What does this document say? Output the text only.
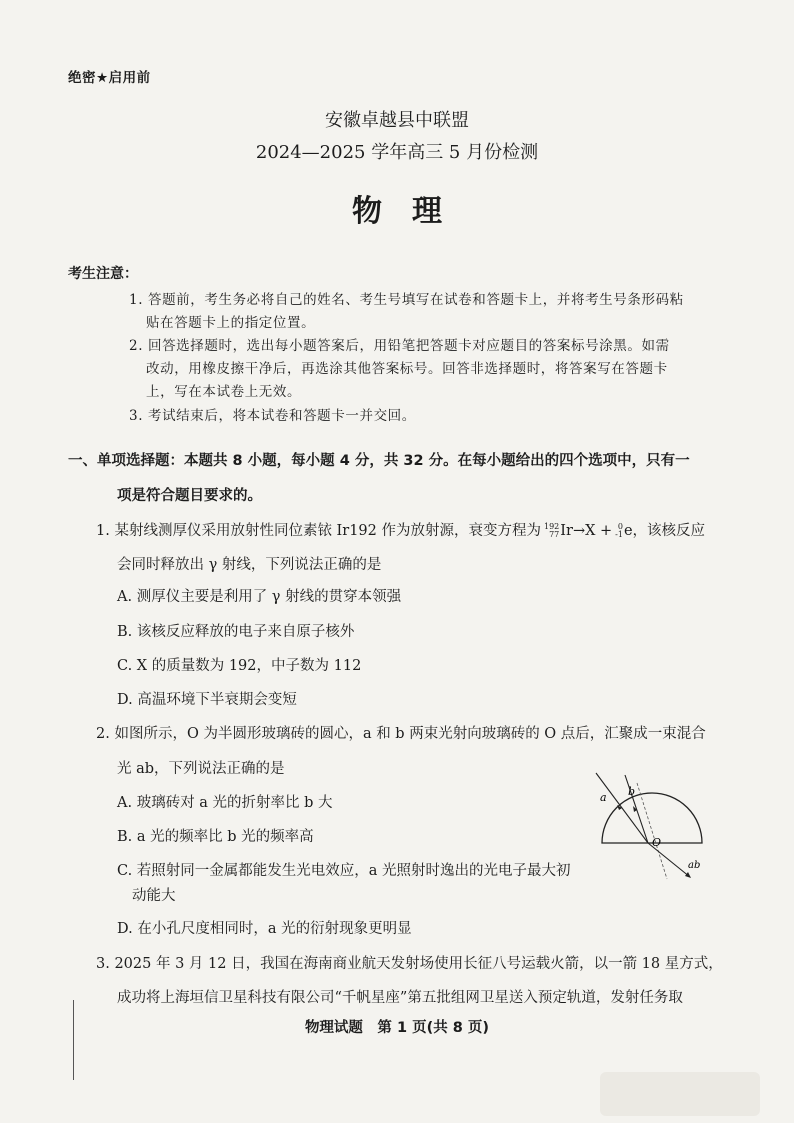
绝密★启用前
安徽卓越县中联盟
2024—2025 学年高三 5 月份检测
物　理
考生注意：
1. 答题前，考生务必将自己的姓名、考生号填写在试卷和答题卡上，并将考生号条形码粘
贴在答题卡上的指定位置。
2. 回答选择题时，选出每小题答案后，用铅笔把答题卡对应题目的答案标号涂黑。如需
改动，用橡皮擦干净后，再选涂其他答案标号。回答非选择题时，将答案写在答题卡
上，写在本试卷上无效。
3. 考试结束后，将本试卷和答题卡一并交回。
一、单项选择题：本题共 8 小题，每小题 4 分，共 32 分。在每小题给出的四个选项中，只有一
项是符合题目要求的。
1. 某射线测厚仪采用放射性同位素铱 Ir192 作为放射源，衰变方程为 192
77 Ir→X + 0
-1 e，该核反应
会同时释放出 γ 射线，下列说法正确的是
A. 测厚仪主要是利用了 γ 射线的贯穿本领强
B. 该核反应释放的电子来自原子核外
C. X 的质量数为 192，中子数为 112
D. 高温环境下半衰期会变短
2. 如图所示，O 为半圆形玻璃砖的圆心，a 和 b 两束光射向玻璃砖的 O 点后，汇聚成一束混合
光 ab，下列说法正确的是
A. 玻璃砖对 a 光的折射率比 b 大
B. a 光的频率比 b 光的频率高
C. 若照射同一金属都能发生光电效应，a 光照射时逸出的光电子最大初
动能大
D. 在小孔尺度相同时，a 光的衍射现象更明显
a b
O
ab
3. 2025 年 3 月 12 日，我国在海南商业航天发射场使用长征八号运载火箭，以一箭 18 星方式，
成功将上海垣信卫星科技有限公司“千帆星座”第五批组网卫星送入预定轨道，发射任务取
物理试题　第 1 页(共 8 页)
